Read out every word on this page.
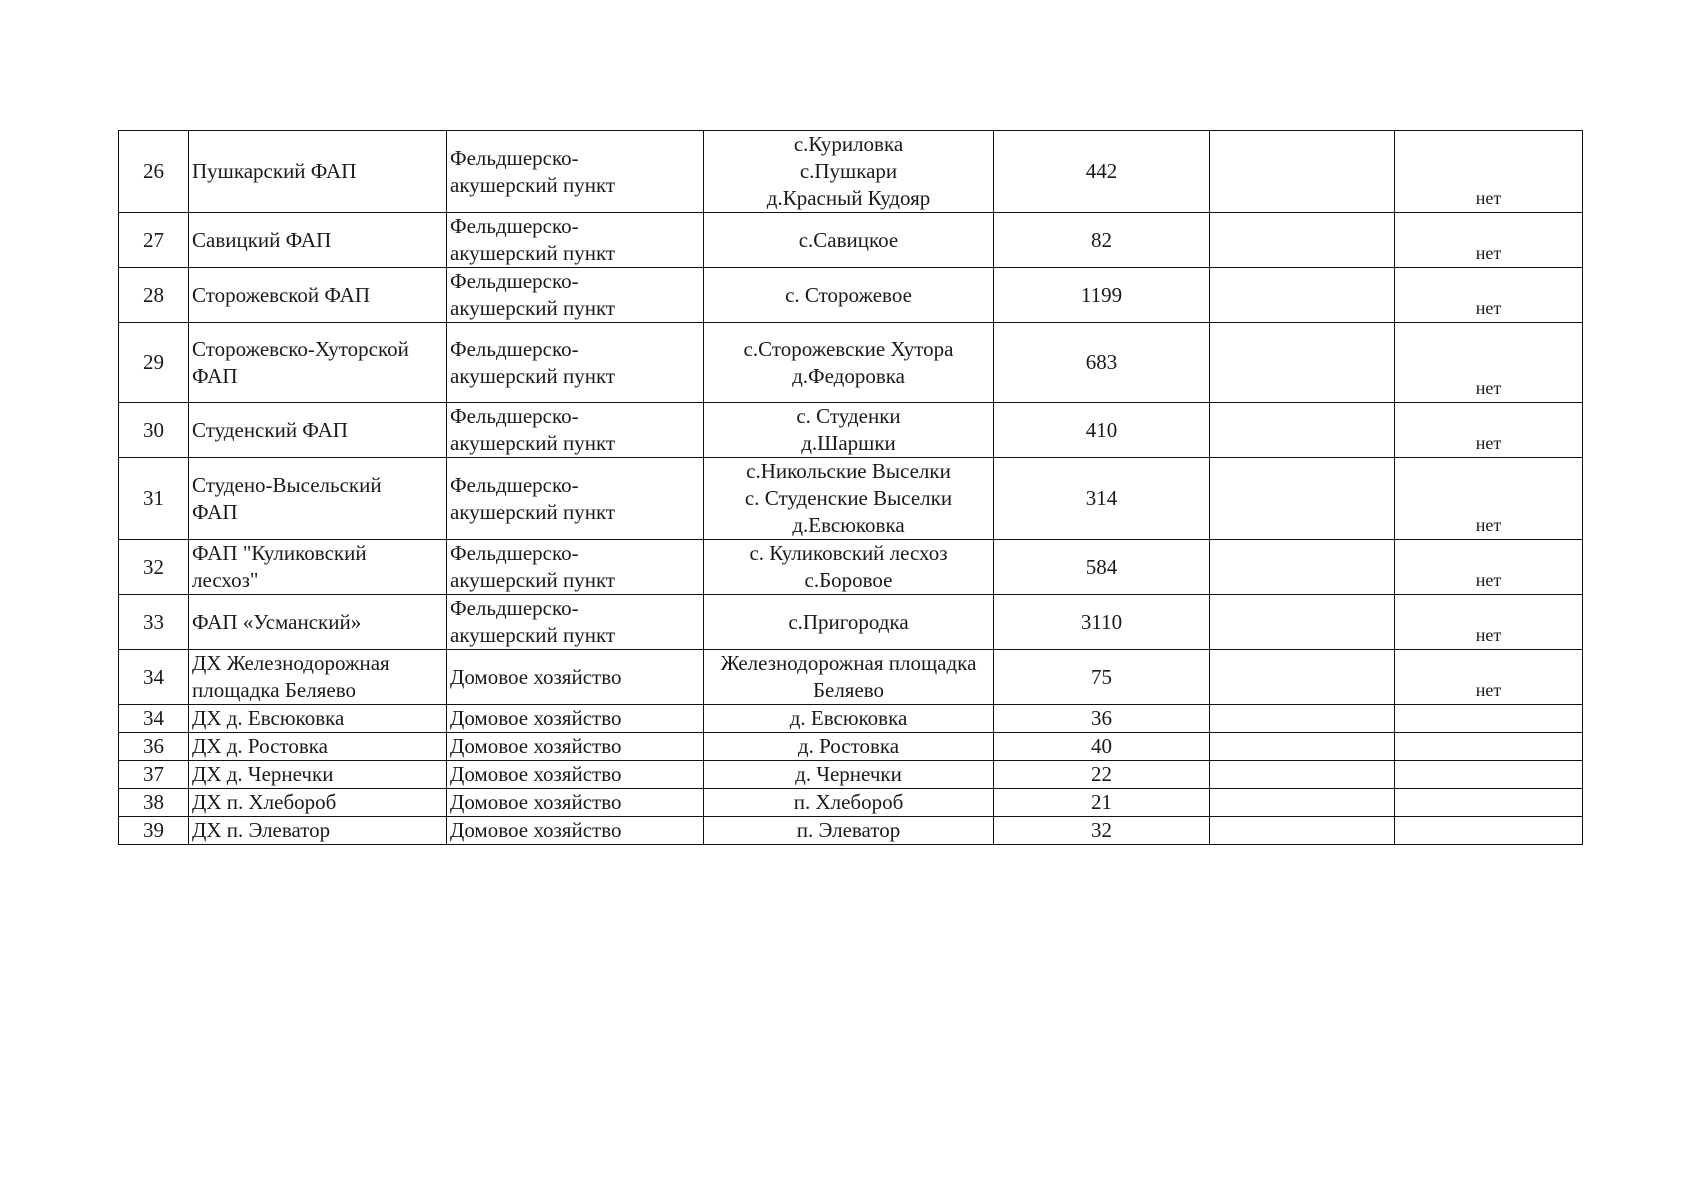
26	Пушкарский ФАП	Фельдшерско-
акушерский пункт	с.Куриловка
с.Пушкари
д.Красный Кудояр	442		нет
27	Савицкий ФАП	Фельдшерско-
акушерский пункт	с.Савицкое	82		нет
28	Сторожевской ФАП	Фельдшерско-
акушерский пункт	с. Сторожевое	1199		нет
29	Сторожевско-Хуторской
ФАП	Фельдшерско-
акушерский пункт	с.Сторожевские Хутора
д.Федоровка	683		нет
30	Студенский ФАП	Фельдшерско-
акушерский пункт	с. Студенки
д.Шаршки	410		нет
31	Студено-Высельский
ФАП	Фельдшерско-
акушерский пункт	с.Никольские Выселки
с. Студенские Выселки
д.Евсюковка	314		нет
32	ФАП "Куликовский
лесхоз"	Фельдшерско-
акушерский пункт	с. Куликовский лесхоз
с.Боровое	584		нет
33	ФАП «Усманский»	Фельдшерско-
акушерский пункт	с.Пригородка	3110		нет
34	ДХ Железнодорожная
площадка Беляево	Домовое хозяйство	Железнодорожная площадка
Беляево	75		нет
34	ДХ д. Евсюковка	Домовое хозяйство	д. Евсюковка	36		
36	ДХ д. Ростовка	Домовое хозяйство	д. Ростовка	40		
37	ДХ д. Чернечки	Домовое хозяйство	д. Чернечки	22		
38	ДХ п. Хлебороб	Домовое хозяйство	п. Хлебороб	21		
39	ДХ п. Элеватор	Домовое хозяйство	п. Элеватор	32		
